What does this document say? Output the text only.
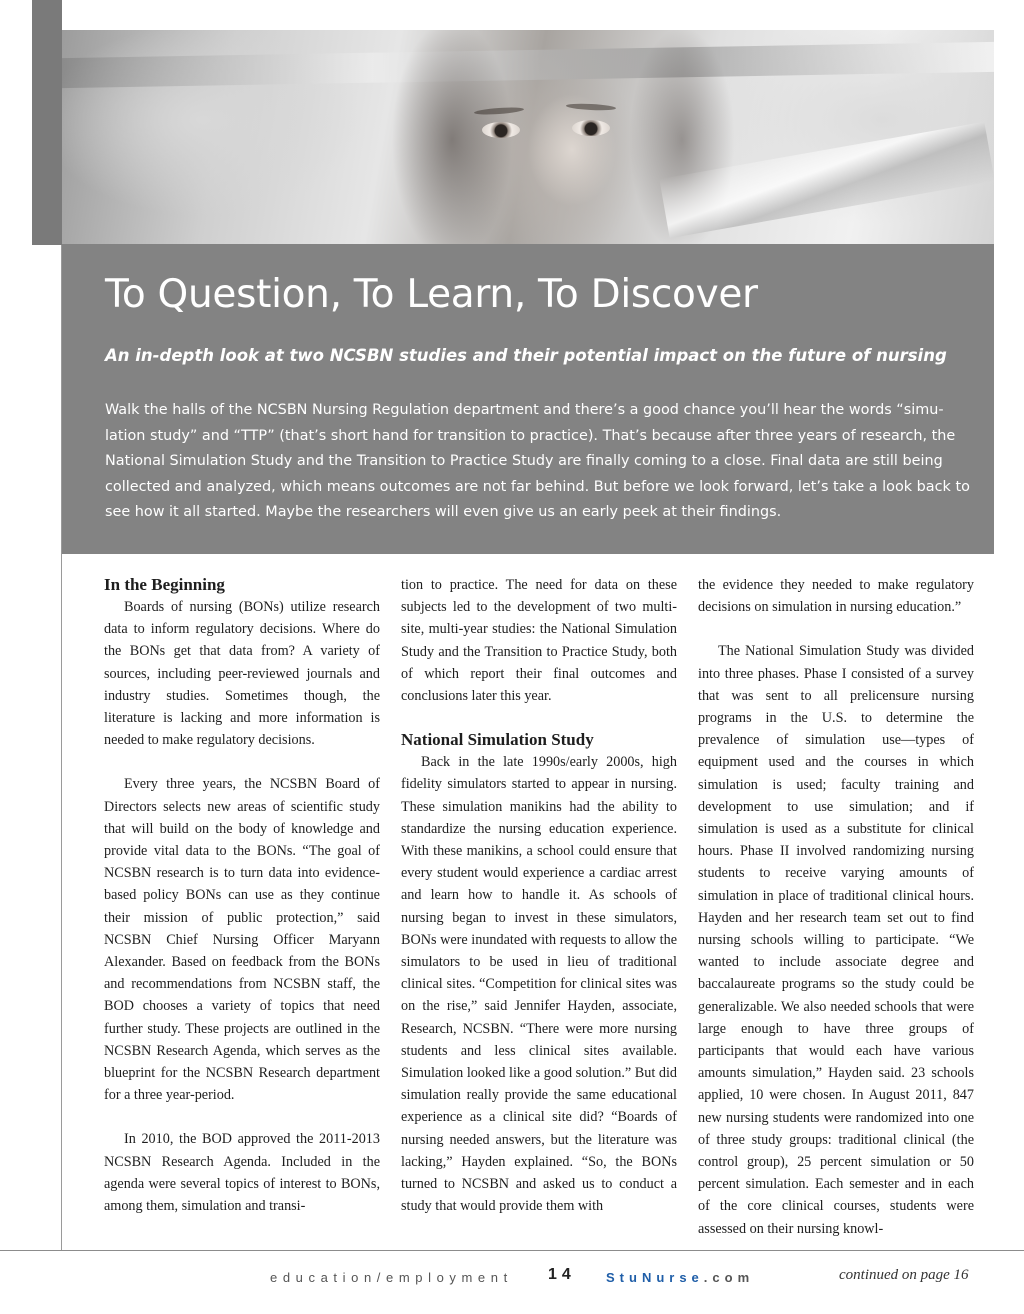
To Question, To Learn, To Discover

An in-depth look at two NCSBN studies and their potential impact on the future of nursing

Walk the halls of the NCSBN Nursing Regulation department and there’s a good chance you’ll hear the words “simu-lation study” and “TTP” (that’s short hand for transition to practice). That’s because after three years of research, the National Simulation Study and the Transition to Practice Study are finally coming to a close. Final data are still being collected and analyzed, which means outcomes are not far behind. But before we look forward, let’s take a look back to see how it all started. Maybe the researchers will even give us an early peek at their findings.

In the Beginning

Boards of nursing (BONs) utilize research data to inform regulatory decisions. Where do the BONs get that data from? A variety of sources, including peer-reviewed journals and industry studies. Sometimes though, the literature is lacking and more information is needed to make regulatory decisions.

Every three years, the NCSBN Board of Directors selects new areas of scientific study that will build on the body of knowledge and provide vital data to the BONs. “The goal of NCSBN research is to turn data into evidence-based policy BONs can use as they continue their mission of public protection,” said NCSBN Chief Nursing Officer Maryann Alexander. Based on feedback from the BONs and recommendations from NCSBN staff, the BOD chooses a variety of topics that need further study. These projects are outlined in the NCSBN Research Agenda, which serves as the blueprint for the NCSBN Research department for a three year-period.

In 2010, the BOD approved the 2011-2013 NCSBN Research Agenda. Included in the agenda were several topics of interest to BONs, among them, simulation and transi-

tion to practice. The need for data on these subjects led to the development of two multi-site, multi-year studies: the National Simulation Study and the Transition to Practice Study, both of which report their final outcomes and conclusions later this year.

National Simulation Study

Back in the late 1990s/early 2000s, high fidelity simulators started to appear in nursing. These simulation manikins had the ability to standardize the nursing education experience. With these manikins, a school could ensure that every student would experience a cardiac arrest and learn how to handle it. As schools of nursing began to invest in these simulators, BONs were inundated with requests to allow the simulators to be used in lieu of traditional clinical sites. “Competition for clinical sites was on the rise,” said Jennifer Hayden, associate, Research, NCSBN. “There were more nursing students and less clinical sites available. Simulation looked like a good solution.” But did simulation really provide the same educational experience as a clinical site did? “Boards of nursing needed answers, but the literature was lacking,” Hayden explained. “So, the BONs turned to NCSBN and asked us to conduct a study that would provide them with

the evidence they needed to make regulatory decisions on simulation in nursing education.”

The National Simulation Study was divided into three phases. Phase I consisted of a survey that was sent to all prelicensure nursing programs in the U.S. to determine the prevalence of simulation use—types of equipment used and the courses in which simulation is used; faculty training and development to use simulation; and if simulation is used as a substitute for clinical hours. Phase II involved randomizing nursing students to receive varying amounts of simulation in place of traditional clinical hours. Hayden and her research team set out to find nursing schools willing to participate. “We wanted to include associate degree and baccalaureate programs so the study could be generalizable. We also needed schools that were large enough to have three groups of participants that would each have various amounts simulation,” Hayden said. 23 schools applied, 10 were chosen. In August 2011, 847 new nursing students were randomized into one of three study groups: traditional clinical (the control group), 25 percent simulation or 50 percent simulation. Each semester and in each of the core clinical courses, students were assessed on their nursing knowl-

education/employment 14 StuNurse.com	continued on page 16
